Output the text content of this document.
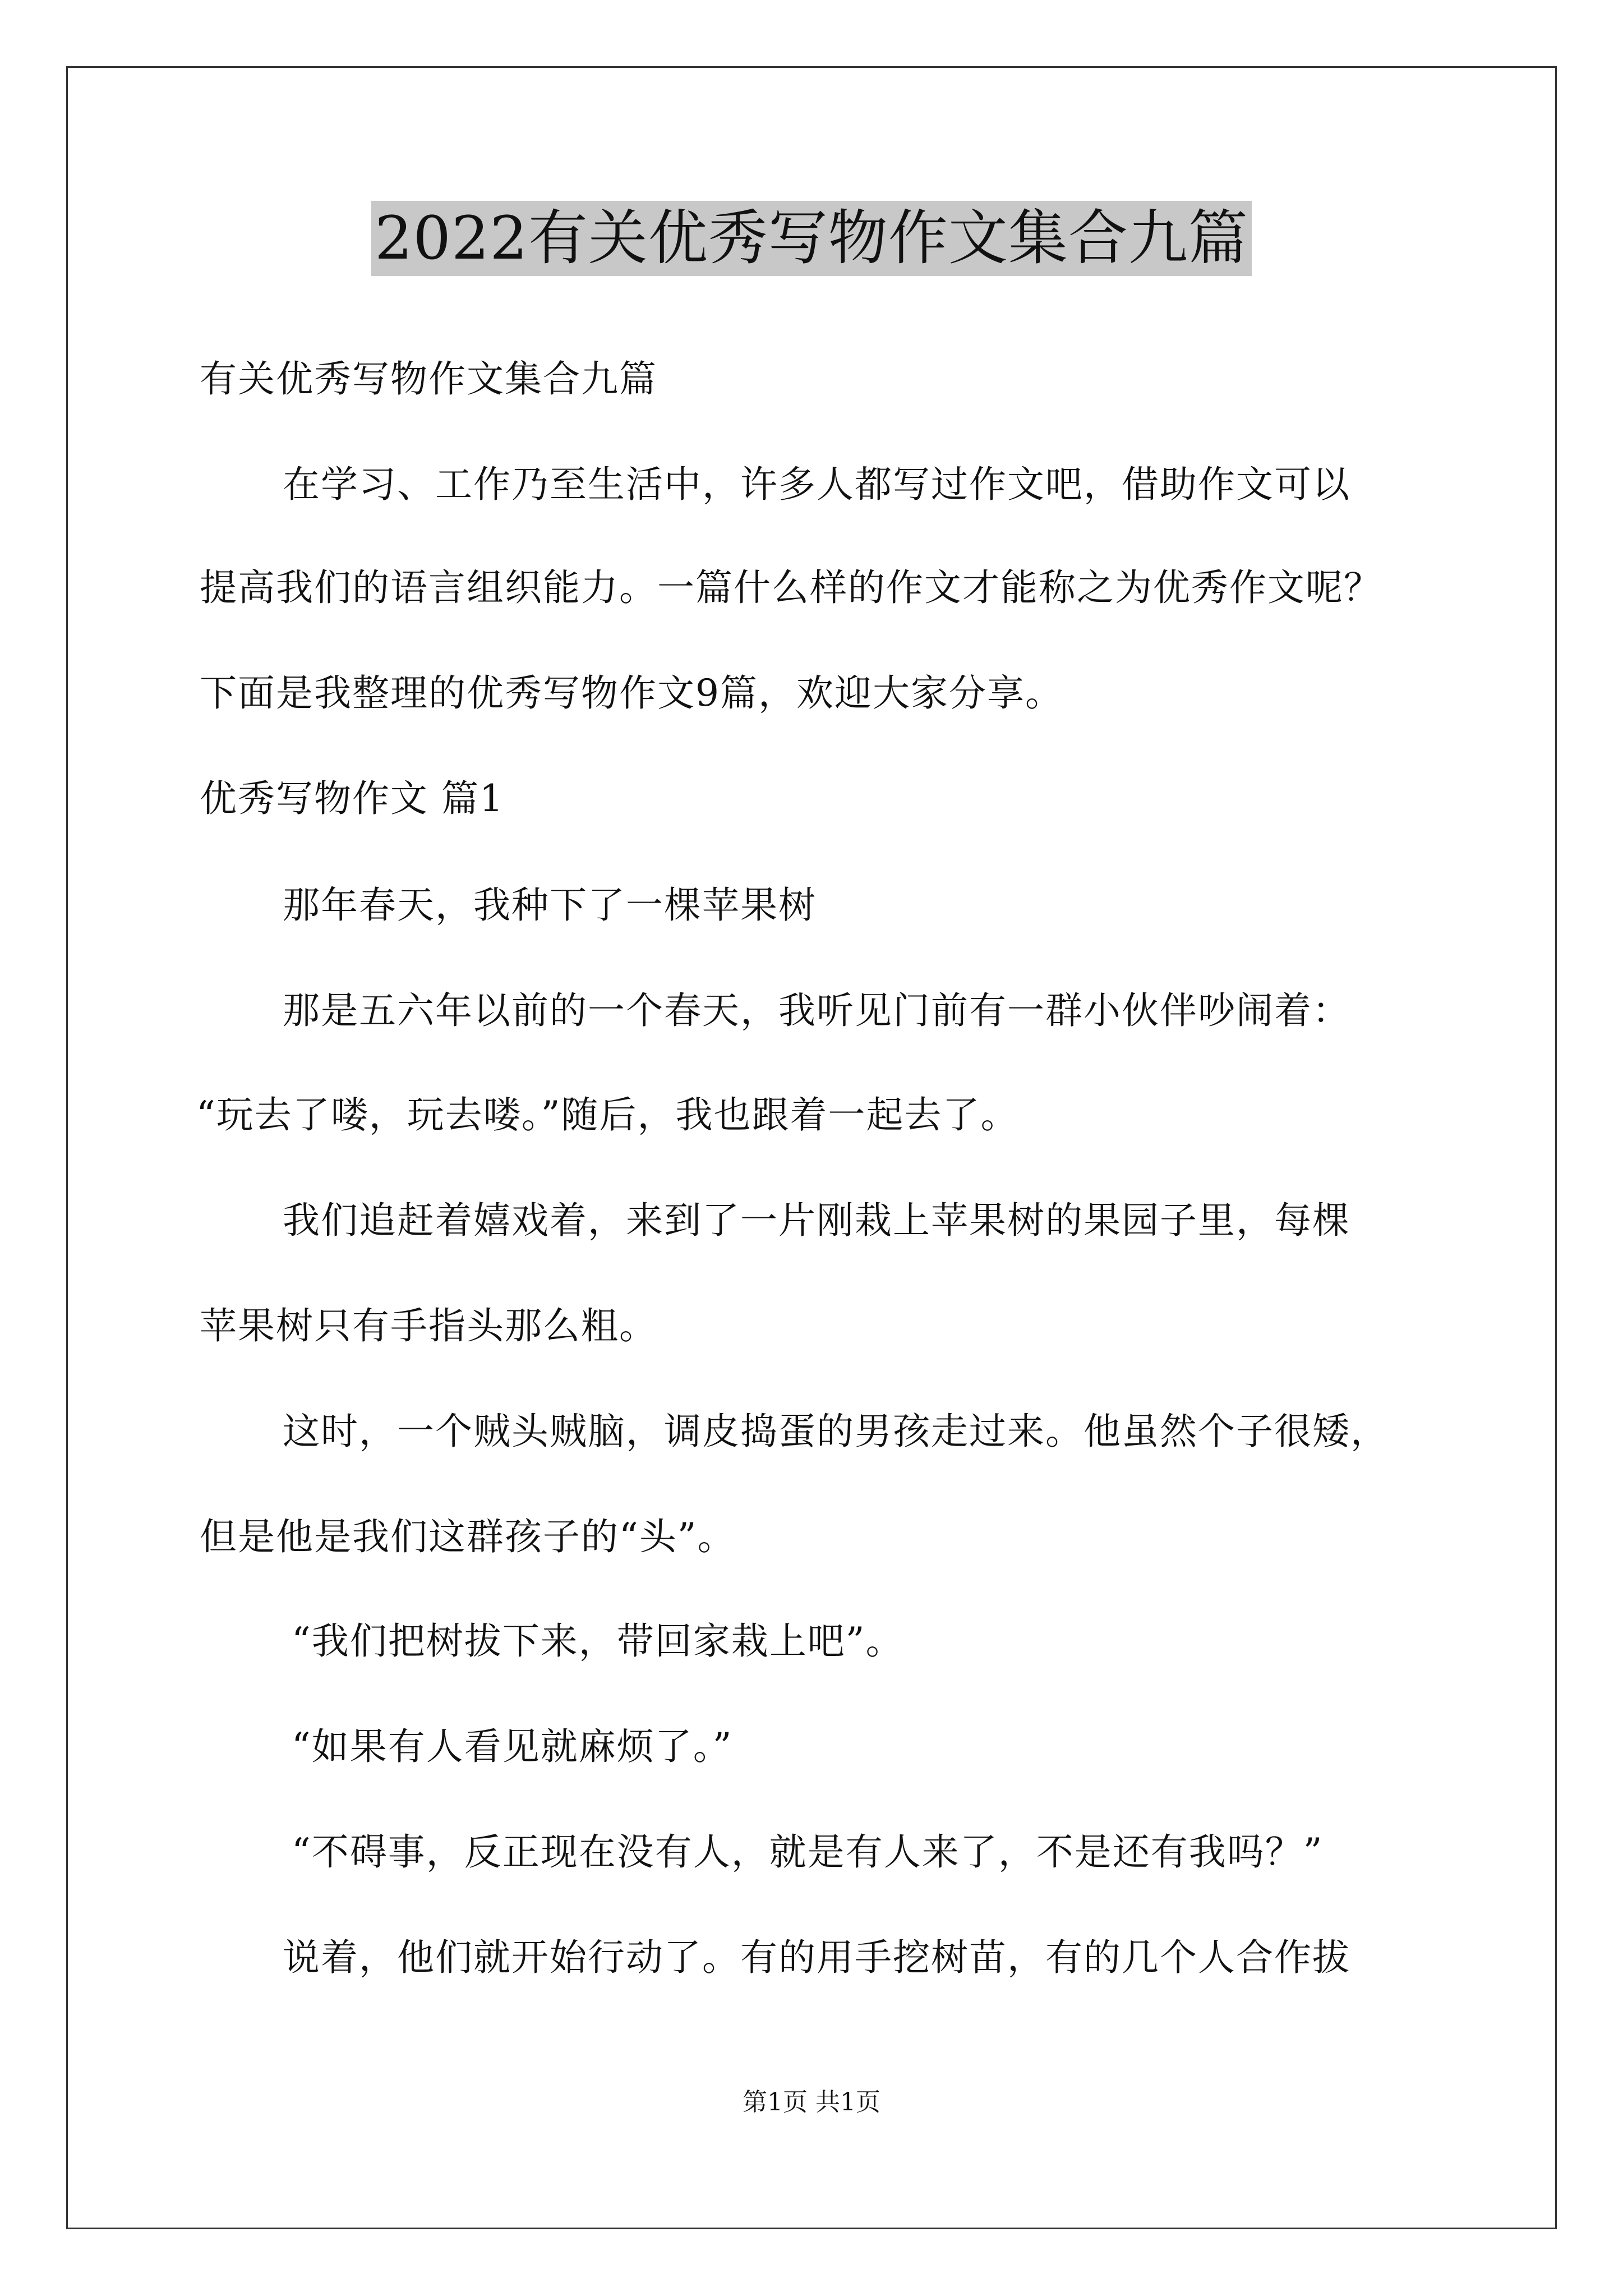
2022有关优秀写物作文集合九篇

有关优秀写物作文集合九篇

在学习、工作乃至生活中，许多人都写过作文吧，借助作文可以

提高我们的语言组织能力。一篇什么样的作文才能称之为优秀作文呢？

下面是我整理的优秀写物作文9篇，欢迎大家分享。

优秀写物作文 篇1

那年春天，我种下了一棵苹果树

那是五六年以前的一个春天，我听见门前有一群小伙伴吵闹着：

“玩去了喽，玩去喽。”随后，我也跟着一起去了。

我们追赶着嬉戏着，来到了一片刚栽上苹果树的果园子里，每棵

苹果树只有手指头那么粗。

这时，一个贼头贼脑，调皮捣蛋的男孩走过来。他虽然个子很矮，

但是他是我们这群孩子的“头”。

“我们把树拔下来，带回家栽上吧”。

“如果有人看见就麻烦了。”

“不碍事，反正现在没有人，就是有人来了，不是还有我吗？”

说着，他们就开始行动了。有的用手挖树苗，有的几个人合作拔

第1页 共1页
